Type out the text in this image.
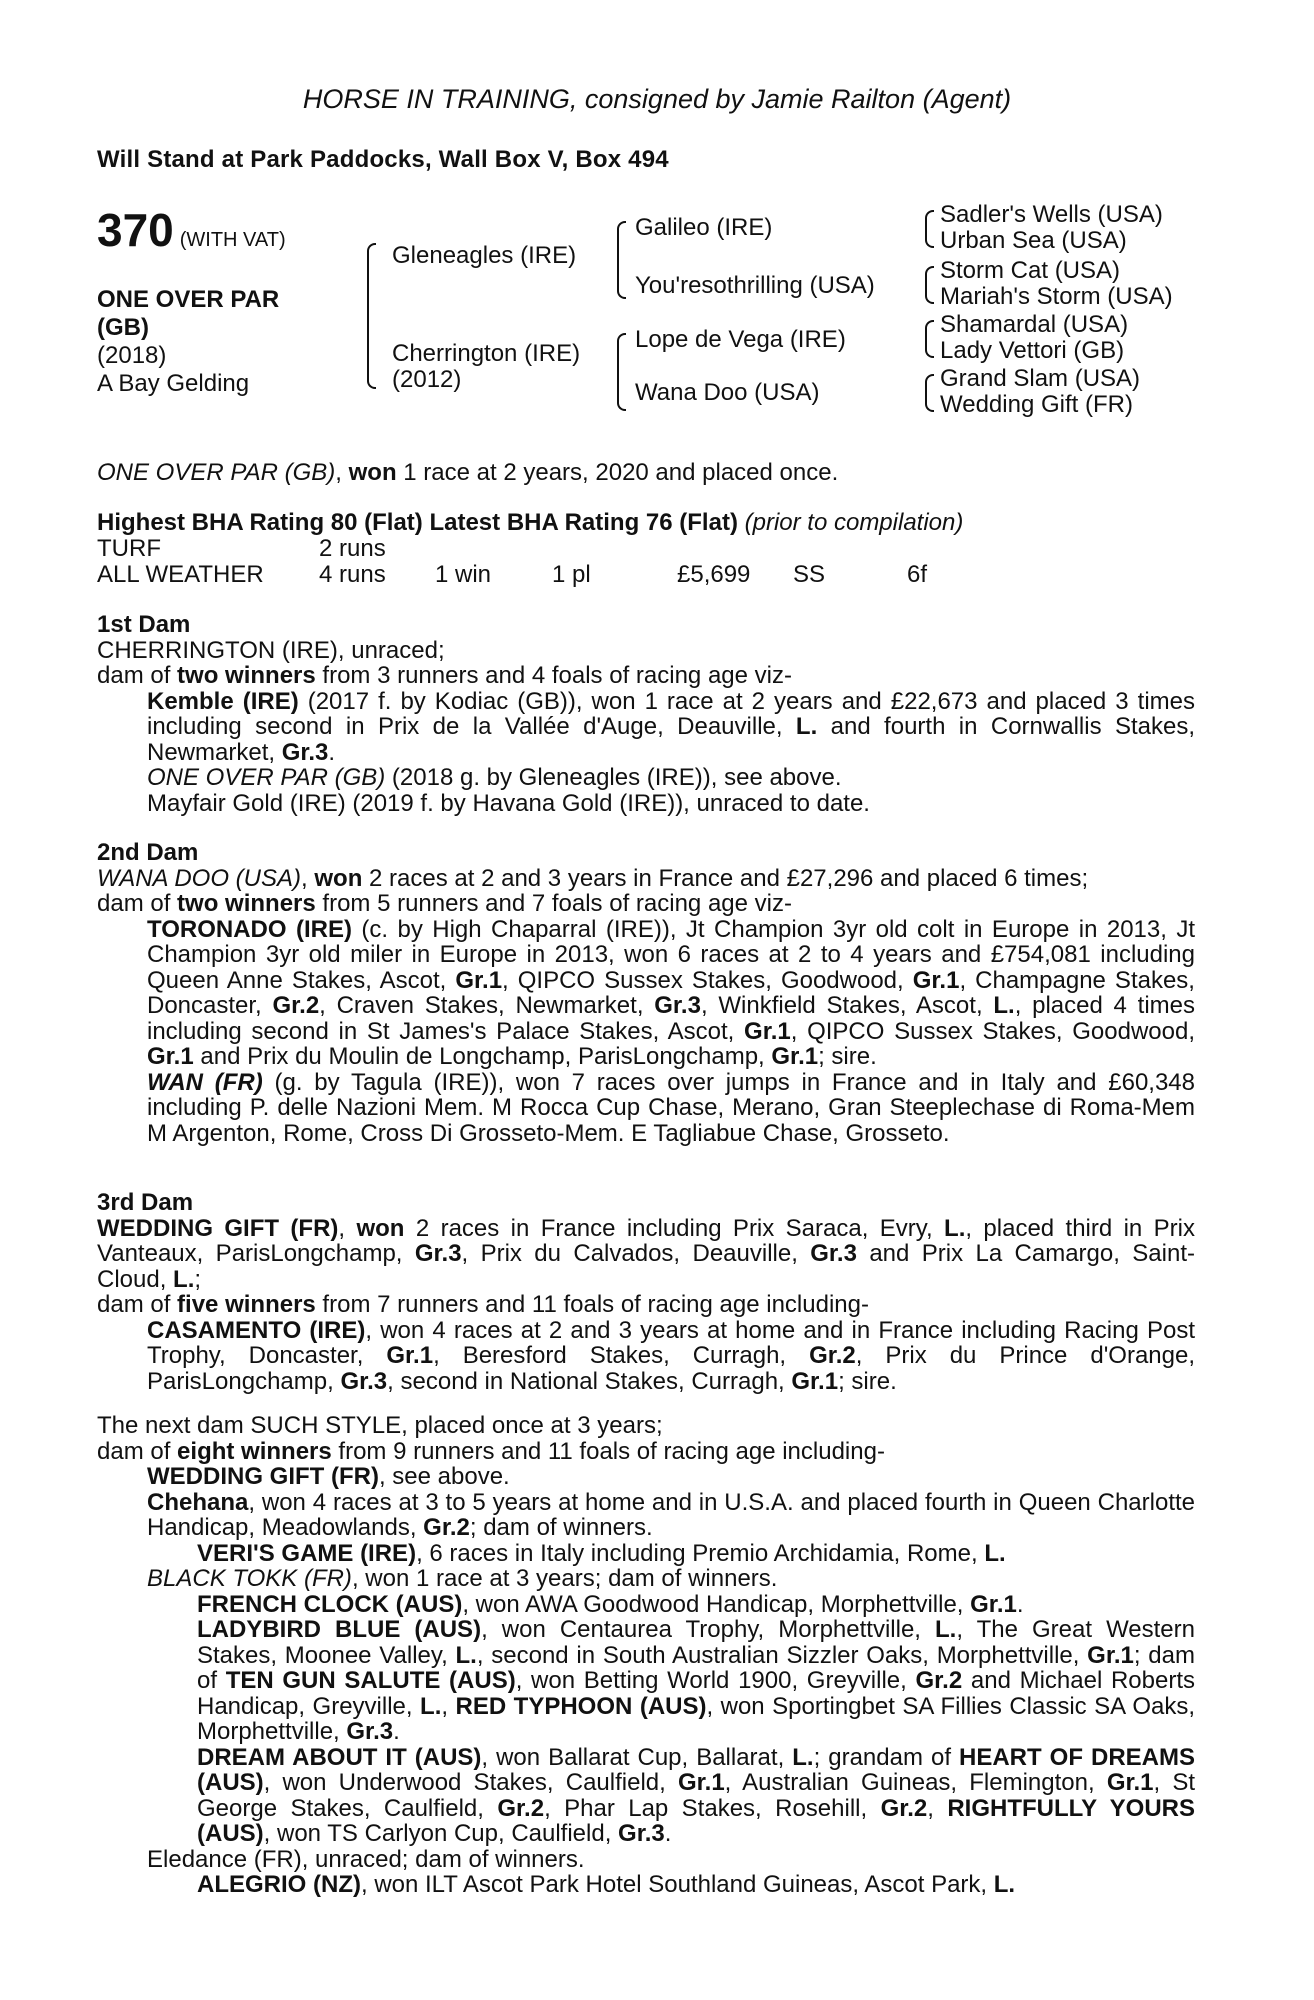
HORSE IN TRAINING, consigned by Jamie Railton (Agent)
Will Stand at Park Paddocks, Wall Box V, Box 494
370 (WITH VAT)
ONE OVER PAR
(GB)
(2018)
A Bay Gelding
Gleneagles (IRE)
Cherrington (IRE)
(2012)
Galileo (IRE)
You'resothrilling (USA)
Lope de Vega (IRE)
Wana Doo (USA)
Sadler's Wells (USA)
Urban Sea (USA)
Storm Cat (USA)
Mariah's Storm (USA)
Shamardal (USA)
Lady Vettori (GB)
Grand Slam (USA)
Wedding Gift (FR)
ONE OVER PAR (GB), won 1 race at 2 years, 2020 and placed once.
Highest BHA Rating 80 (Flat) Latest BHA Rating 76 (Flat) (prior to compilation)
TURF	2 runs
ALL WEATHER 4 runs 1 win	1 pl	£5,699 SS	6f
1st Dam
CHERRINGTON (IRE), unraced;
dam of two winners from 3 runners and 4 foals of racing age viz-
Kemble (IRE) (2017 f. by Kodiac (GB)), won 1 race at 2 years and £22,673 and placed 3 times including second in Prix de la Vallée d'Auge, Deauville, L. and fourth in Cornwallis Stakes, Newmarket, Gr.3.
ONE OVER PAR (GB) (2018 g. by Gleneagles (IRE)), see above.
Mayfair Gold (IRE) (2019 f. by Havana Gold (IRE)), unraced to date.
2nd Dam
WANA DOO (USA), won 2 races at 2 and 3 years in France and £27,296 and placed 6 times;
dam of two winners from 5 runners and 7 foals of racing age viz-
TORONADO (IRE) (c. by High Chaparral (IRE)), Jt Champion 3yr old colt in Europe in 2013, Jt Champion 3yr old miler in Europe in 2013, won 6 races at 2 to 4 years and £754,081 including Queen Anne Stakes, Ascot, Gr.1, QIPCO Sussex Stakes, Goodwood, Gr.1, Champagne Stakes, Doncaster, Gr.2, Craven Stakes, Newmarket, Gr.3, Winkfield Stakes, Ascot, L., placed 4 times including second in St James's Palace Stakes, Ascot, Gr.1, QIPCO Sussex Stakes, Goodwood, Gr.1 and Prix du Moulin de Longchamp, ParisLongchamp, Gr.1; sire.
WAN (FR) (g. by Tagula (IRE)), won 7 races over jumps in France and in Italy and £60,348 including P. delle Nazioni Mem. M Rocca Cup Chase, Merano, Gran Steeplechase di Roma-Mem M Argenton, Rome, Cross Di Grosseto-Mem. E Tagliabue Chase, Grosseto.
3rd Dam
WEDDING GIFT (FR), won 2 races in France including Prix Saraca, Evry, L., placed third in Prix Vanteaux, ParisLongchamp, Gr.3, Prix du Calvados, Deauville, Gr.3 and Prix La Camargo, Saint-Cloud, L.;
dam of five winners from 7 runners and 11 foals of racing age including-
CASAMENTO (IRE), won 4 races at 2 and 3 years at home and in France including Racing Post Trophy, Doncaster, Gr.1, Beresford Stakes, Curragh, Gr.2, Prix du Prince d'Orange, ParisLongchamp, Gr.3, second in National Stakes, Curragh, Gr.1; sire.
The next dam SUCH STYLE, placed once at 3 years;
dam of eight winners from 9 runners and 11 foals of racing age including-
WEDDING GIFT (FR), see above.
Chehana, won 4 races at 3 to 5 years at home and in U.S.A. and placed fourth in Queen Charlotte Handicap, Meadowlands, Gr.2; dam of winners.
VERI'S GAME (IRE), 6 races in Italy including Premio Archidamia, Rome, L.
BLACK TOKK (FR), won 1 race at 3 years; dam of winners.
FRENCH CLOCK (AUS), won AWA Goodwood Handicap, Morphettville, Gr.1.
LADYBIRD BLUE (AUS), won Centaurea Trophy, Morphettville, L., The Great Western Stakes, Moonee Valley, L., second in South Australian Sizzler Oaks, Morphettville, Gr.1; dam of TEN GUN SALUTE (AUS), won Betting World 1900, Greyville, Gr.2 and Michael Roberts Handicap, Greyville, L., RED TYPHOON (AUS), won Sportingbet SA Fillies Classic SA Oaks, Morphettville, Gr.3.
DREAM ABOUT IT (AUS), won Ballarat Cup, Ballarat, L.; grandam of HEART OF DREAMS (AUS), won Underwood Stakes, Caulfield, Gr.1, Australian Guineas, Flemington, Gr.1, St George Stakes, Caulfield, Gr.2, Phar Lap Stakes, Rosehill, Gr.2, RIGHTFULLY YOURS (AUS), won TS Carlyon Cup, Caulfield, Gr.3.
Eledance (FR), unraced; dam of winners.
ALEGRIO (NZ), won ILT Ascot Park Hotel Southland Guineas, Ascot Park, L.
